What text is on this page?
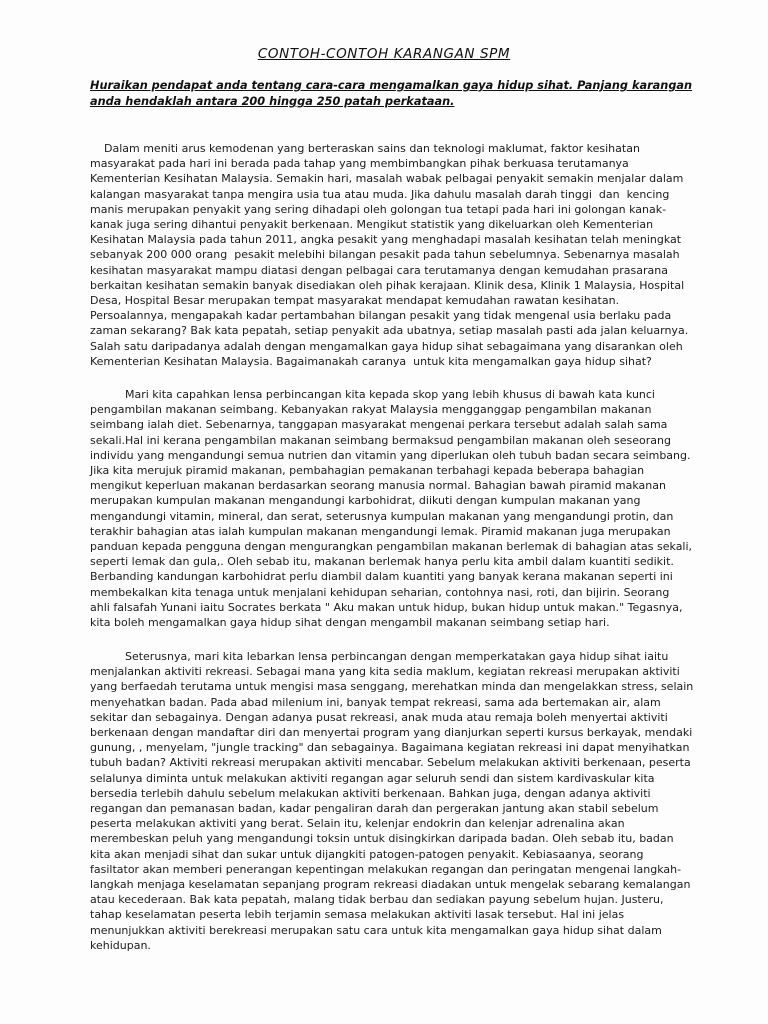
CONTOH-CONTOH KARANGAN SPM
Huraikan pendapat anda tentang cara-cara mengamalkan gaya hidup sihat. Panjang karangan
anda hendaklah antara 200 hingga 250 patah perkataan.
Dalam meniti arus kemodenan yang berteraskan sains dan teknologi maklumat, faktor kesihatan
masyarakat pada hari ini berada pada tahap yang membimbangkan pihak berkuasa terutamanya
Kementerian Kesihatan Malaysia. Semakin hari, masalah wabak pelbagai penyakit semakin menjalar dalam
kalangan masyarakat tanpa mengira usia tua atau muda. Jika dahulu masalah darah tinggi  dan  kencing
manis merupakan penyakit yang sering dihadapi oleh golongan tua tetapi pada hari ini golongan kanak-
kanak juga sering dihantui penyakit berkenaan. Mengikut statistik yang dikeluarkan oleh Kementerian
Kesihatan Malaysia pada tahun 2011, angka pesakit yang menghadapi masalah kesihatan telah meningkat
sebanyak 200 000 orang  pesakit melebihi bilangan pesakit pada tahun sebelumnya. Sebenarnya masalah
kesihatan masyarakat mampu diatasi dengan pelbagai cara terutamanya dengan kemudahan prasarana
berkaitan kesihatan semakin banyak disediakan oleh pihak kerajaan. Klinik desa, Klinik 1 Malaysia, Hospital
Desa, Hospital Besar merupakan tempat masyarakat mendapat kemudahan rawatan kesihatan.
Persoalannya, mengapakah kadar pertambahan bilangan pesakit yang tidak mengenal usia berlaku pada
zaman sekarang? Bak kata pepatah, setiap penyakit ada ubatnya, setiap masalah pasti ada jalan keluarnya.
Salah satu daripadanya adalah dengan mengamalkan gaya hidup sihat sebagaimana yang disarankan oleh
Kementerian Kesihatan Malaysia. Bagaimanakah caranya  untuk kita mengamalkan gaya hidup sihat?
Mari kita capahkan lensa perbincangan kita kepada skop yang lebih khusus di bawah kata kunci
pengambilan makanan seimbang. Kebanyakan rakyat Malaysia mengganggap pengambilan makanan
seimbang ialah diet. Sebenarnya, tanggapan masyarakat mengenai perkara tersebut adalah salah sama
sekali.Hal ini kerana pengambilan makanan seimbang bermaksud pengambilan makanan oleh seseorang
individu yang mengandungi semua nutrien dan vitamin yang diperlukan oleh tubuh badan secara seimbang.
Jika kita merujuk piramid makanan, pembahagian pemakanan terbahagi kepada beberapa bahagian
mengikut keperluan makanan berdasarkan seorang manusia normal. Bahagian bawah piramid makanan
merupakan kumpulan makanan mengandungi karbohidrat, diikuti dengan kumpulan makanan yang
mengandungi vitamin, mineral, dan serat, seterusnya kumpulan makanan yang mengandungi protin, dan
terakhir bahagian atas ialah kumpulan makanan mengandungi lemak. Piramid makanan juga merupakan
panduan kepada pengguna dengan mengurangkan pengambilan makanan berlemak di bahagian atas sekali,
seperti lemak dan gula,. Oleh sebab itu, makanan berlemak hanya perlu kita ambil dalam kuantiti sedikit.
Berbanding kandungan karbohidrat perlu diambil dalam kuantiti yang banyak kerana makanan seperti ini
membekalkan kita tenaga untuk menjalani kehidupan seharian, contohnya nasi, roti, dan bijirin. Seorang
ahli falsafah Yunani iaitu Socrates berkata " Aku makan untuk hidup, bukan hidup untuk makan." Tegasnya,
kita boleh mengamalkan gaya hidup sihat dengan mengambil makanan seimbang setiap hari.
Seterusnya, mari kita lebarkan lensa perbincangan dengan memperkatakan gaya hidup sihat iaitu
menjalankan aktiviti rekreasi. Sebagai mana yang kita sedia maklum, kegiatan rekreasi merupakan aktiviti
yang berfaedah terutama untuk mengisi masa senggang, merehatkan minda dan mengelakkan stress, selain
menyehatkan badan. Pada abad milenium ini, banyak tempat rekreasi, sama ada bertemakan air, alam
sekitar dan sebagainya. Dengan adanya pusat rekreasi, anak muda atau remaja boleh menyertai aktiviti
berkenaan dengan mandaftar diri dan menyertai program yang dianjurkan seperti kursus berkayak, mendaki
gunung, , menyelam, "jungle tracking" dan sebagainya. Bagaimana kegiatan rekreasi ini dapat menyihatkan
tubuh badan? Aktiviti rekreasi merupakan aktiviti mencabar. Sebelum melakukan aktiviti berkenaan, peserta
selalunya diminta untuk melakukan aktiviti regangan agar seluruh sendi dan sistem kardivaskular kita
bersedia terlebih dahulu sebelum melakukan aktiviti berkenaan. Bahkan juga, dengan adanya aktiviti
regangan dan pemanasan badan, kadar pengaliran darah dan pergerakan jantung akan stabil sebelum
peserta melakukan aktiviti yang berat. Selain itu, kelenjar endokrin dan kelenjar adrenalina akan
merembeskan peluh yang mengandungi toksin untuk disingkirkan daripada badan. Oleh sebab itu, badan
kita akan menjadi sihat dan sukar untuk dijangkiti patogen-patogen penyakit. Kebiasaanya, seorang
fasiltator akan memberi penerangan kepentingan melakukan regangan dan peringatan mengenai langkah-
langkah menjaga keselamatan sepanjang program rekreasi diadakan untuk mengelak sebarang kemalangan
atau kecederaan. Bak kata pepatah, malang tidak berbau dan sediakan payung sebelum hujan. Justeru,
tahap keselamatan peserta lebih terjamin semasa melakukan aktiviti lasak tersebut. Hal ini jelas
menunjukkan aktiviti berekreasi merupakan satu cara untuk kita mengamalkan gaya hidup sihat dalam
kehidupan.
